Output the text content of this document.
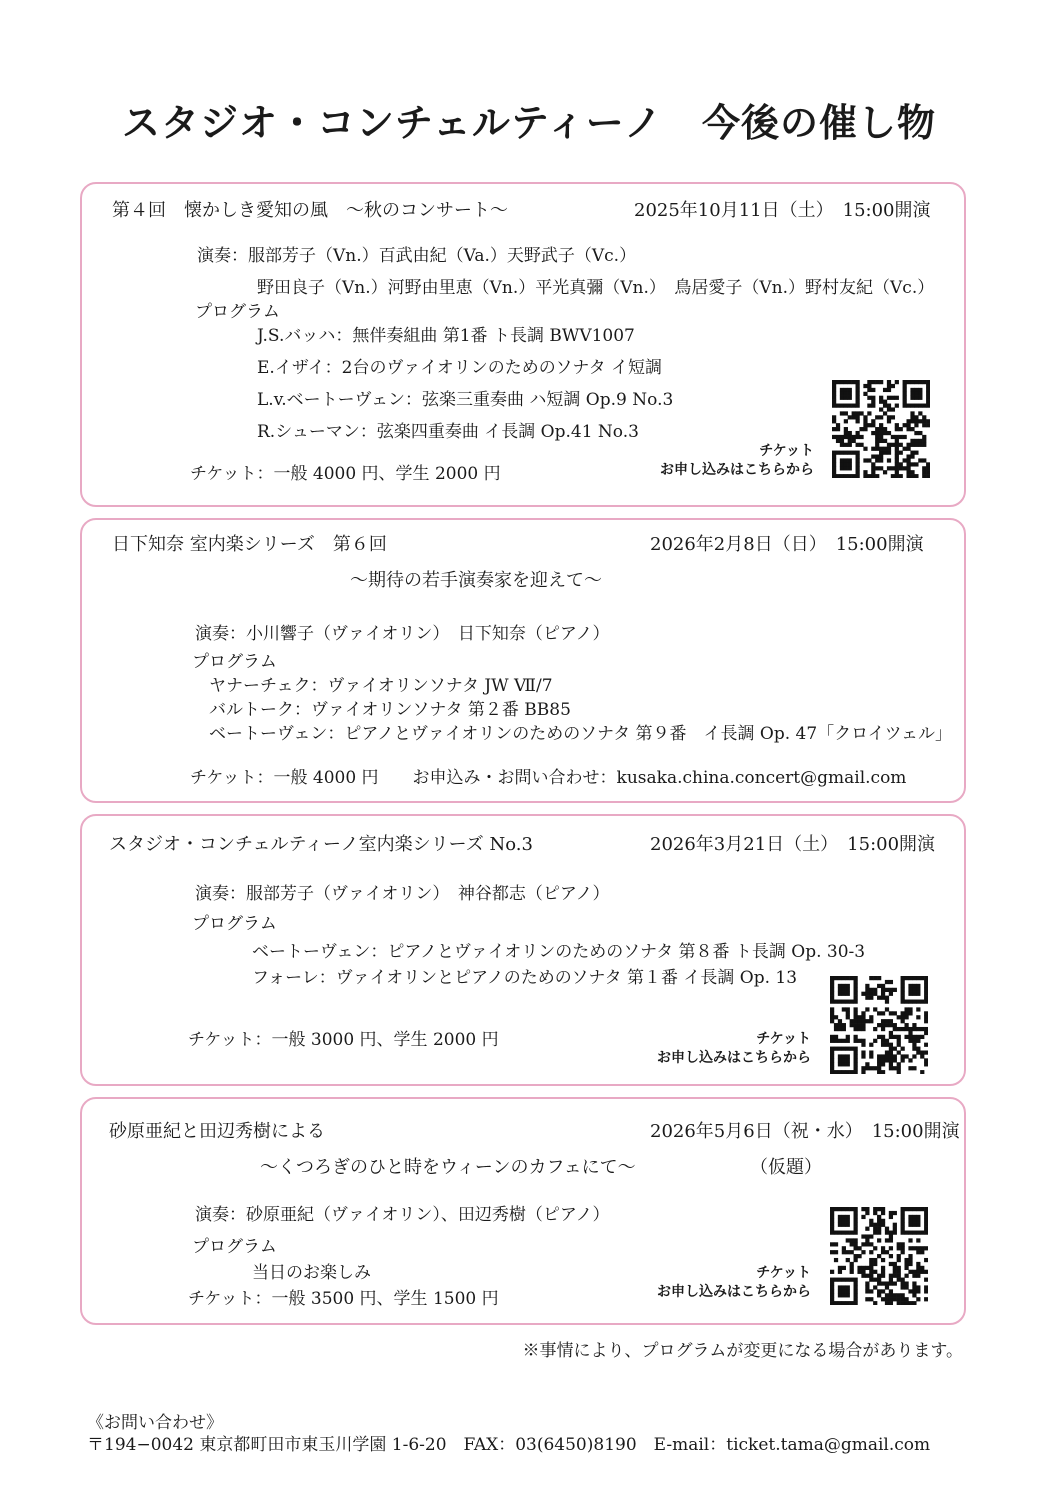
スタジオ・コンチェルティーノ　今後の催し物
第４回　懐かしき愛知の風　～秋のコンサート～	2025年10月11日（土）　15:00開演
演奏：服部芳子（Vn.）百武由紀（Va.）天野武子（Vc.）
野田良子（Vn.）河野由里恵（Vn.）平光真彌（Vn.）　鳥居愛子（Vn.）野村友紀（Vc.）
プログラム
J.S.バッハ：無伴奏組曲 第1番 ト長調 BWV1007
E.イザイ：2台のヴァイオリンのためのソナタ イ短調
L.v.ベートーヴェン：弦楽三重奏曲 ハ短調 Op.9 No.3
R.シューマン：弦楽四重奏曲 イ長調 Op.41 No.3
チケット：一般 4000 円、学生 2000 円
チケット
お申し込みはこちらから
日下知奈 室内楽シリーズ　第６回	2026年2月8日（日）　15:00開演
～期待の若手演奏家を迎えて～
演奏：小川響子（ヴァイオリン）　日下知奈（ピアノ）
プログラム
ヤナーチェク：ヴァイオリンソナタ JW Ⅶ/7
バルトーク：ヴァイオリンソナタ 第２番 BB85
ベートーヴェン：ピアノとヴァイオリンのためのソナタ 第９番　イ長調 Op. 47「クロイツェル」
チケット：一般 4000 円　　お申込み・お問い合わせ：kusaka.china.concert@gmail.com
スタジオ・コンチェルティーノ室内楽シリーズ No.3	2026年3月21日（土）　15:00開演
演奏：服部芳子（ヴァイオリン）　神谷都志（ピアノ）
プログラム
ベートーヴェン：ピアノとヴァイオリンのためのソナタ 第８番 ト長調 Op. 30-3
フォーレ：ヴァイオリンとピアノのためのソナタ 第１番 イ長調 Op. 13
チケット：一般 3000 円、学生 2000 円	チケット
お申し込みはこちらから
砂原亜紀と田辺秀樹による	2026年5月6日（祝・水）　15:00開演
～くつろぎのひと時をウィーンのカフェにて～	（仮題）
演奏：砂原亜紀（ヴァイオリン）、田辺秀樹（ピアノ）
プログラム
当日のお楽しみ
チケット：一般 3500 円、学生 1500 円
チケット
お申し込みはこちらから
※事情により、プログラムが変更になる場合があります。
《お問い合わせ》
〒194−0042 東京都町田市東玉川学園 1-6-20　FAX：03(6450)8190　E-mail：ticket.tama@gmail.com
